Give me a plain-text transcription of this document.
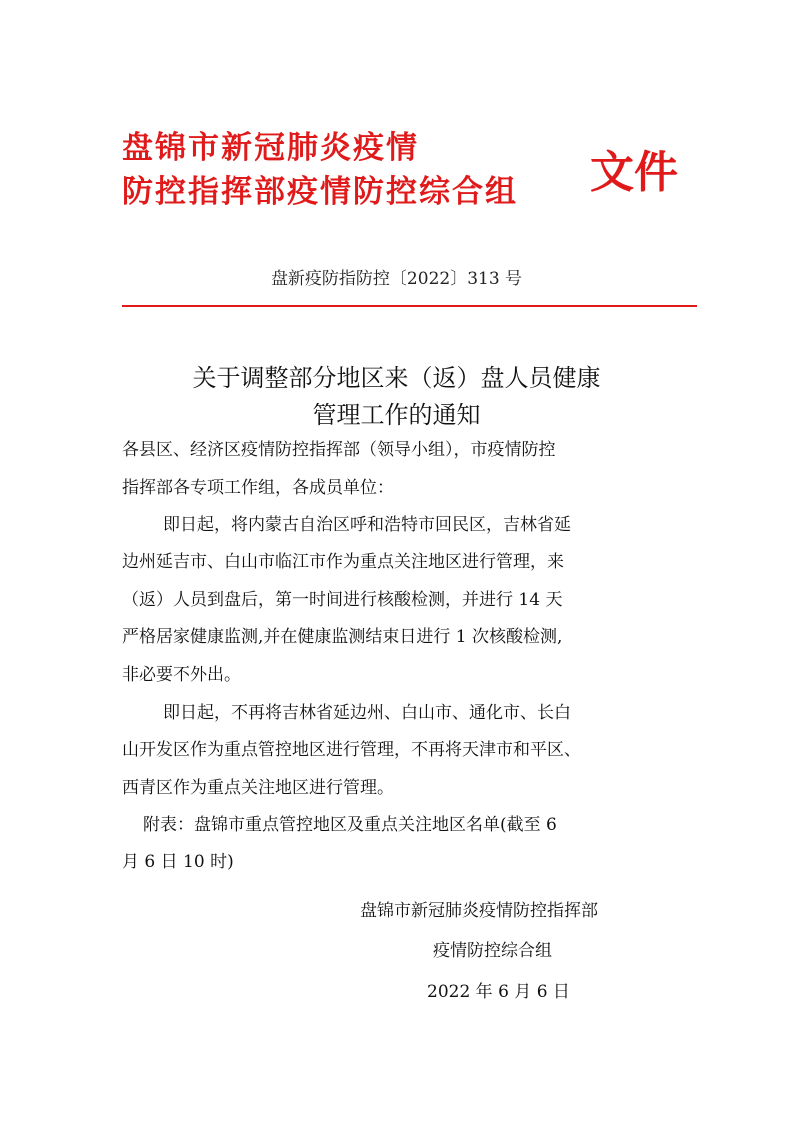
盘锦市新冠肺炎疫情
防控指挥部疫情防控综合组 文件
盘新疫防指防控〔2022〕313 号
关于调整部分地区来（返）盘人员健康
管理工作的通知
各县区、经济区疫情防控指挥部（领导小组），市疫情防控
指挥部各专项工作组，各成员单位：
即日起，将内蒙古自治区呼和浩特市回民区，吉林省延
边州延吉市、白山市临江市作为重点关注地区进行管理，来
（返）人员到盘后，第一时间进行核酸检测，并进行 14 天
严格居家健康监测,并在健康监测结束日进行 1 次核酸检测,
非必要不外出。
即日起，不再将吉林省延边州、白山市、通化市、长白
山开发区作为重点管控地区进行管理，不再将天津市和平区、
西青区作为重点关注地区进行管理。
附表：盘锦市重点管控地区及重点关注地区名单(截至 6
月 6 日 10 时)
盘锦市新冠肺炎疫情防控指挥部
疫情防控综合组
2022 年 6 月 6 日
